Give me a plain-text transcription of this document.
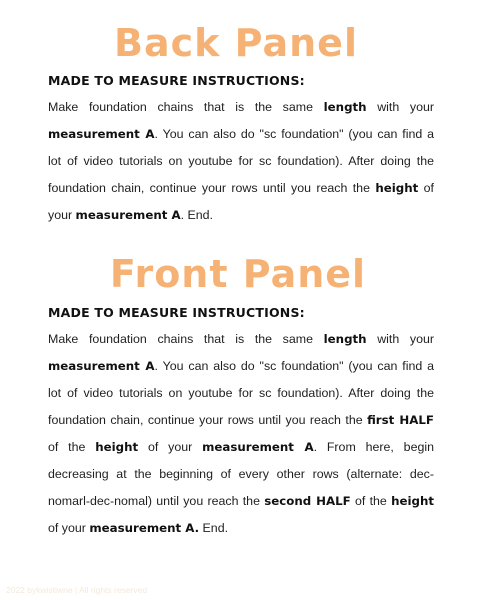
Back Panel
MADE TO MEASURE INSTRUCTIONS:

Make foundation chains that is the same length with your measurement A. You can also do "sc foundation" (you can find a lot of video tutorials on youtube for sc foundation). After doing the foundation chain, continue your rows until you reach the height of your measurement A. End.

Front Panel
MADE TO MEASURE INSTRUCTIONS:

Make foundation chains that is the same length with your measurement A. You can also do "sc foundation" (you can find a lot of video tutorials on youtube for sc foundation). After doing the foundation chain, continue your rows until you reach the first HALF of the height of your measurement A. From here, begin decreasing at the beginning of every other rows (alternate: dec-nomarl-dec-nomal) until you reach the second HALF of the height of your measurement A. End.

2022 bykwistiwne | All rights reserved
